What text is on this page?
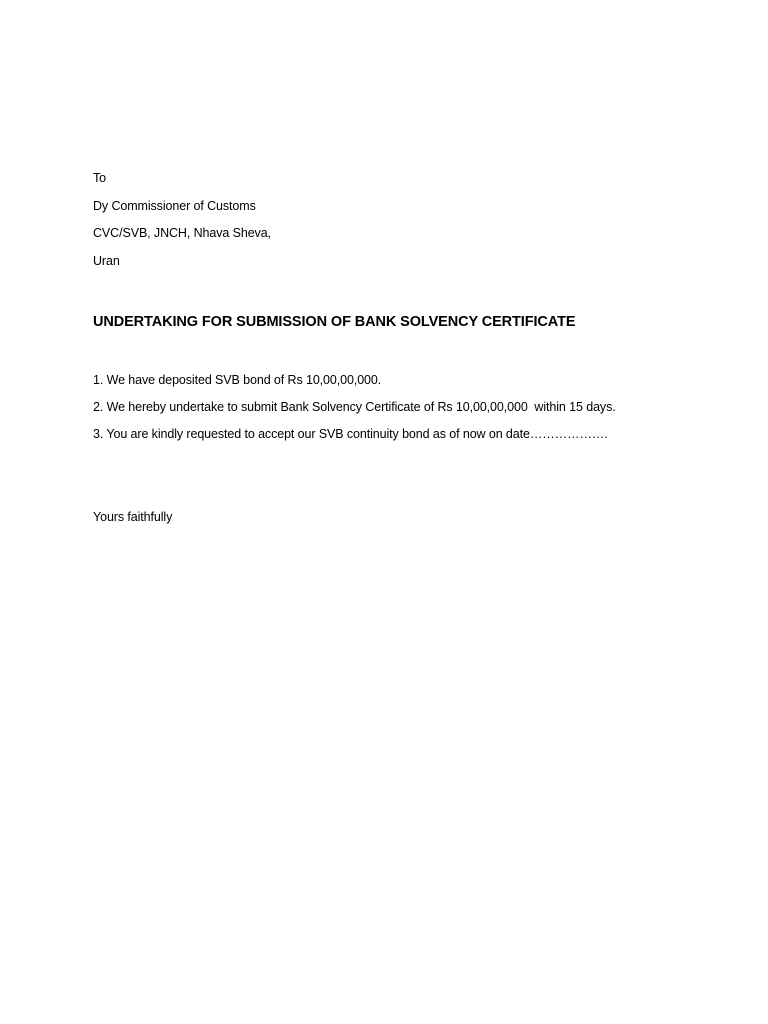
To
Dy Commissioner of Customs
CVC/SVB, JNCH, Nhava Sheva,
Uran
UNDERTAKING FOR SUBMISSION OF BANK SOLVENCY CERTIFICATE
1. We have deposited SVB bond of Rs 10,00,00,000.
2. We hereby undertake to submit Bank Solvency Certificate of Rs 10,00,00,000  within 15 days.
3. You are kindly requested to accept our SVB continuity bond as of now on date……………….
Yours faithfully
